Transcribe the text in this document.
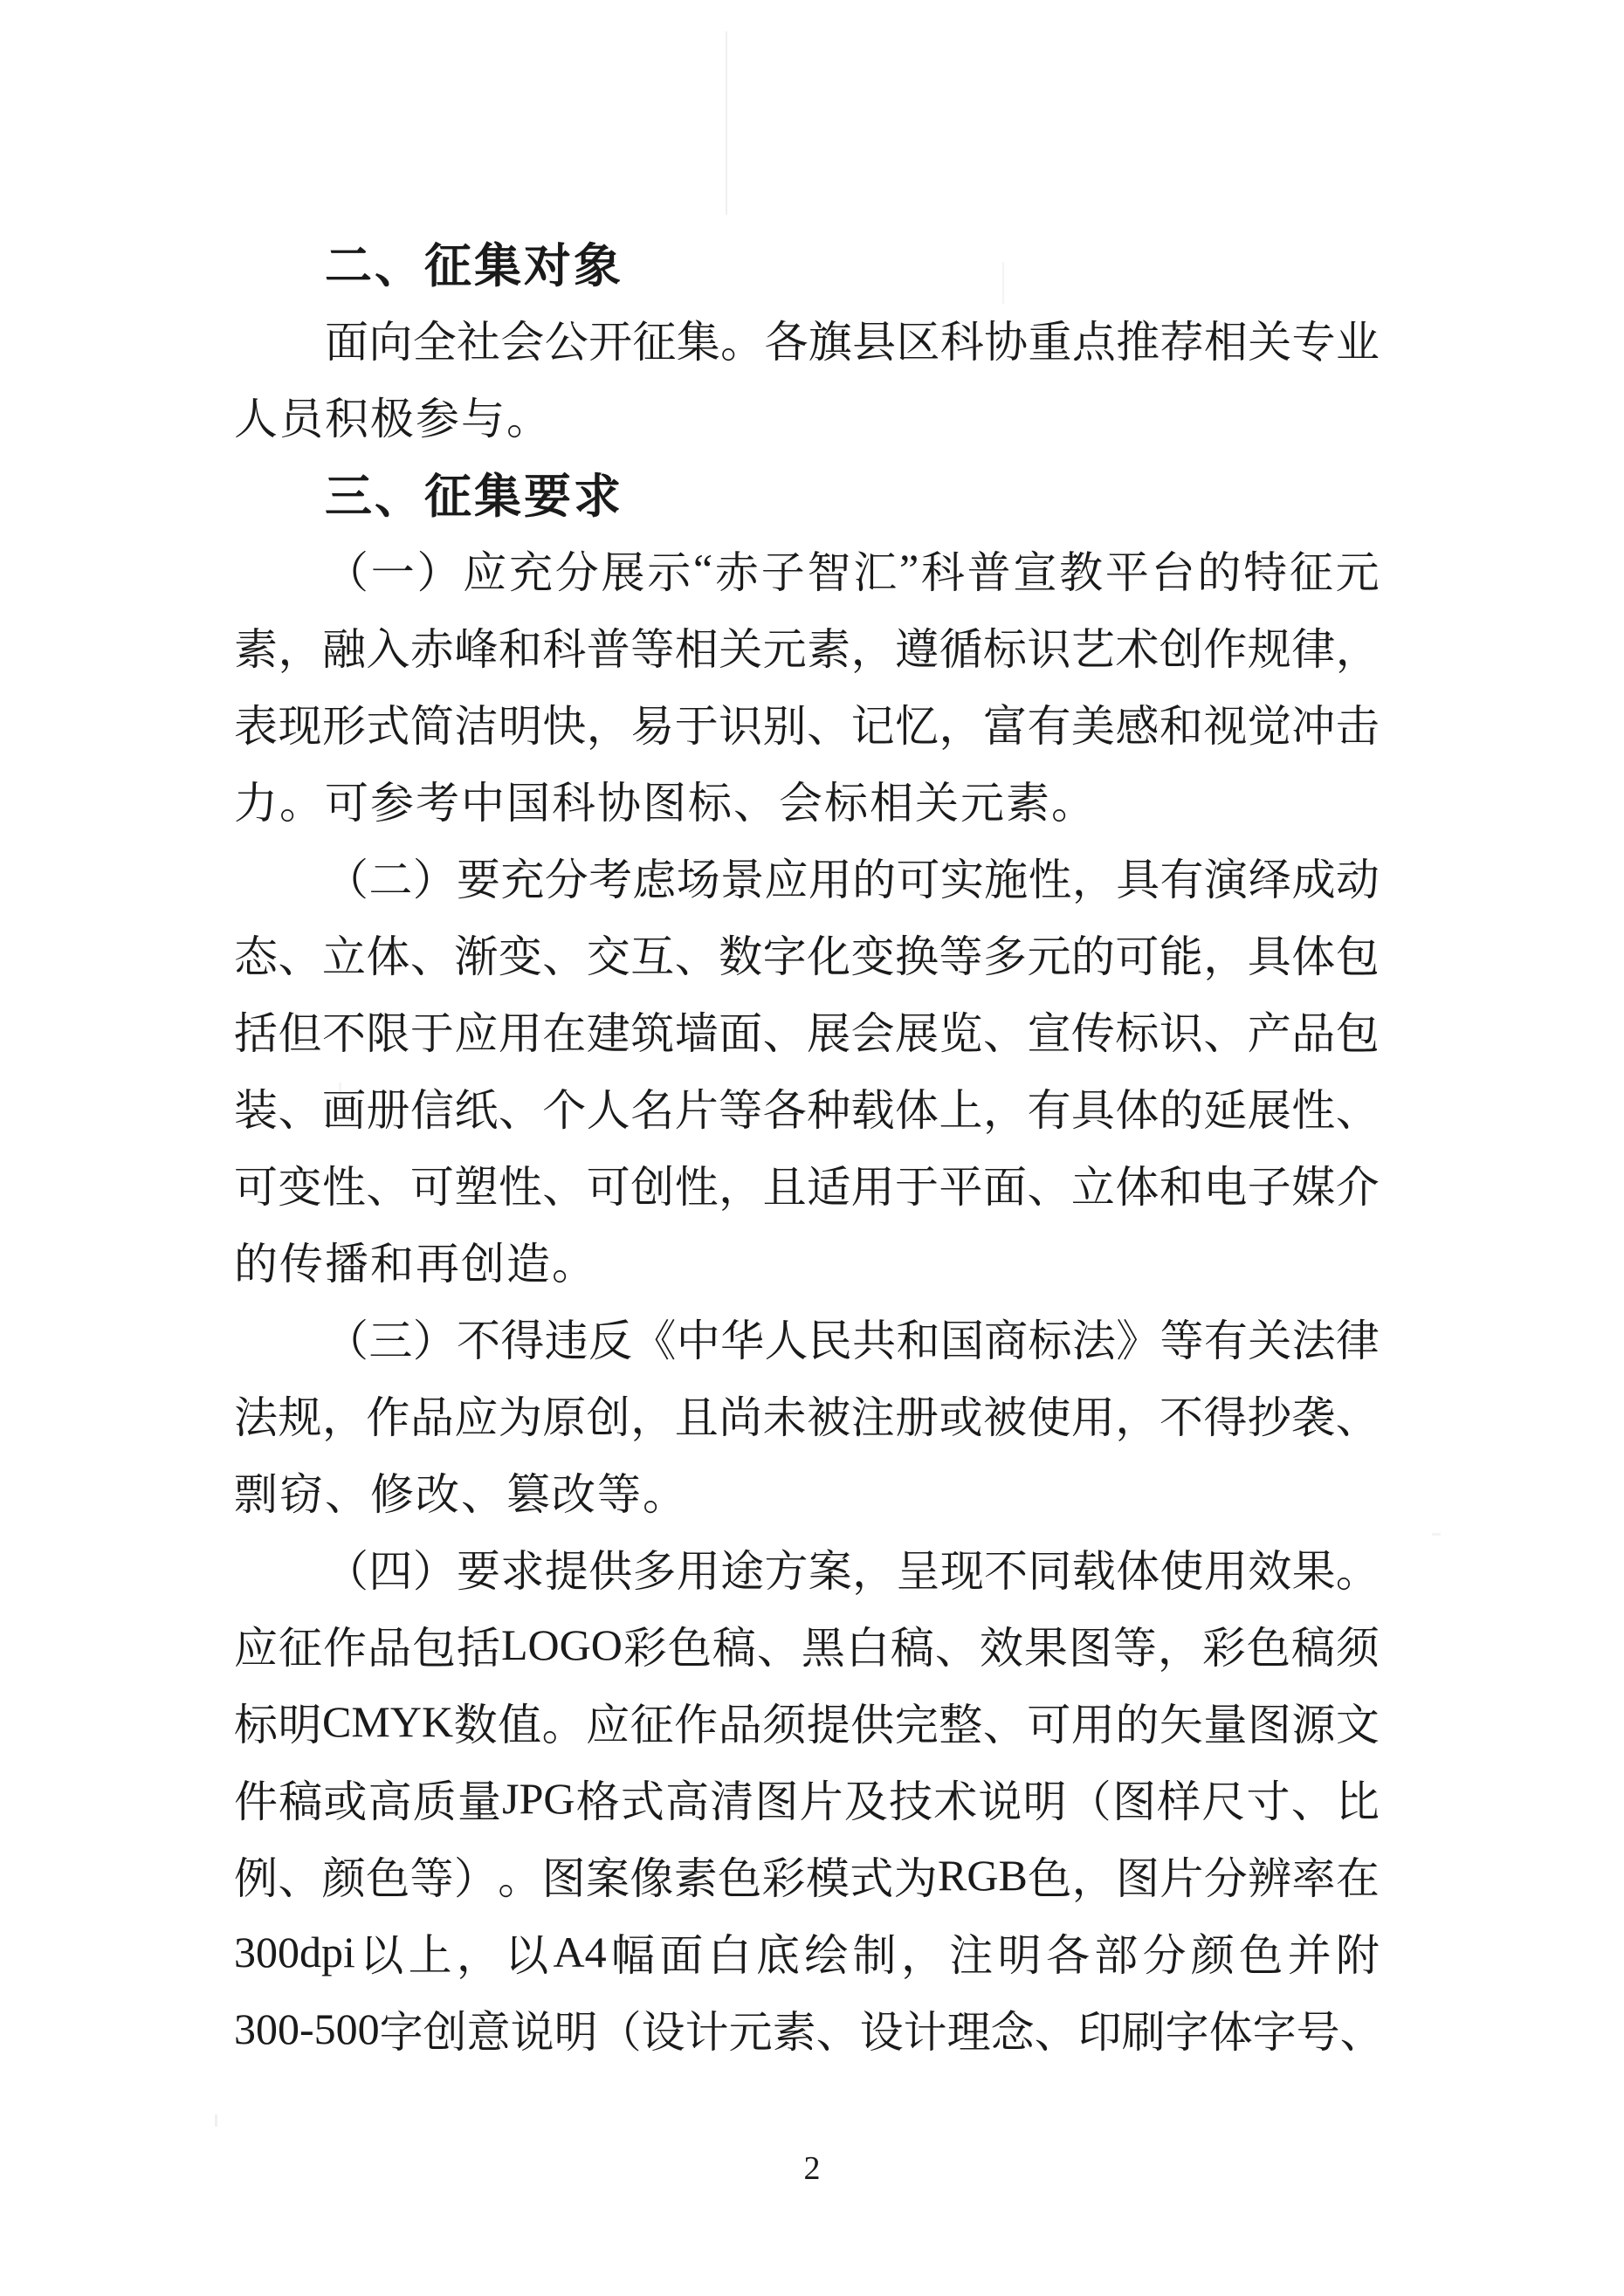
二、征集对象
面 向 全 社 会 公 开 征 集 。 各 旗 县 区 科 协 重 点 推 荐 相 关 专 业
人员积极参与。
三、征集要求
（ 一 ） 应 充 分 展 示 “ 赤 子 智 汇 ” 科 普 宣 教 平 台 的 特 征 元
素 ， 融 入 赤 峰 和 科 普 等 相 关 元 素 ， 遵 循 标 识 艺 术 创 作 规 律 ，
表 现 形 式 简 洁 明 快 ， 易 于 识 别 、 记 忆 ， 富 有 美 感 和 视 觉 冲 击
力。可参考中国科协图标、会标相关元素。
（ 二 ） 要 充 分 考 虑 场 景 应 用 的 可 实 施 性 ， 具 有 演 绎 成 动
态 、 立 体 、 渐 变 、 交 互 、 数 字 化 变 换 等 多 元 的 可 能 ， 具 体 包
括 但 不 限 于 应 用 在 建 筑 墙 面 、 展 会 展 览 、 宣 传 标 识 、 产 品 包
装 、 画 册 信 纸 、 个 人 名 片 等 各 种 载 体 上 ， 有 具 体 的 延 展 性 、
可 变 性 、 可 塑 性 、 可 创 性 ， 且 适 用 于 平 面 、 立 体 和 电 子 媒 介
的传播和再创造。
（ 三 ） 不 得 违 反 《 中 华 人 民 共 和 国 商 标 法 》 等 有 关 法 律
法 规 ， 作 品 应 为 原 创 ， 且 尚 未 被 注 册 或 被 使 用 ， 不 得 抄 袭 、
剽窃、修改、篡改等。
（ 四 ） 要 求 提 供 多 用 途 方 案 ， 呈 现 不 同 载 体 使 用 效 果 。
应 征 作 品 包 括 LOGO 彩 色 稿 、 黑 白 稿 、 效 果 图 等 ， 彩 色 稿 须
标 明 CMYK 数 值 。 应 征 作 品 须 提 供 完 整 、 可 用 的 矢 量 图 源 文
件 稿 或 高 质 量 JPG 格 式 高 清 图 片 及 技 术 说 明 （ 图 样 尺 寸 、 比
例 、 颜 色 等 ） 。 图 案 像 素 色 彩 模 式 为 RGB 色 ， 图 片 分 辨 率 在
300dpi 以 上 ， 以 A4 幅 面 白 底 绘 制 ， 注 明 各 部 分 颜 色 并 附
300-500 字 创 意 说 明 （ 设 计 元 素 、 设 计 理 念 、 印 刷 字 体 字 号 、
2
